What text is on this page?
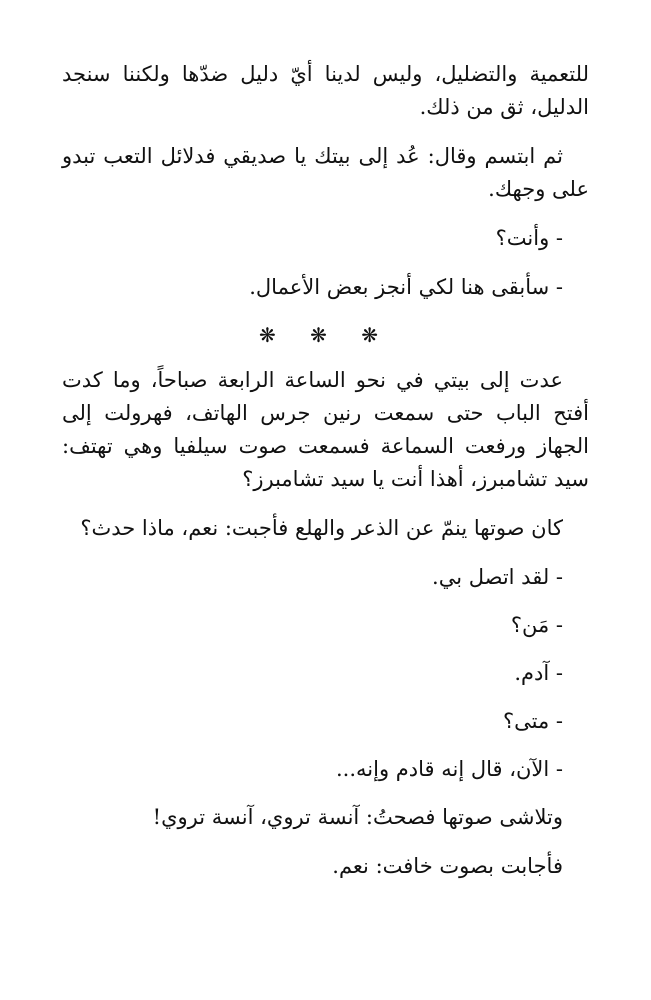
للتعمية والتضليل، وليس لدينا أيّ دليل ضدّها ولكننا سنجد الدليل، ثق من ذلك.

ثم ابتسم وقال: عُد إلى بيتك يا صديقي فدلائل التعب تبدو على وجهك.

- وأنت؟

- سأبقى هنا لكي أنجز بعض الأعمال.

❋ ❋ ❋

عدت إلى بيتي في نحو الساعة الرابعة صباحاً، وما كدت أفتح الباب حتى سمعت رنين جرس الهاتف، فهرولت إلى الجهاز ورفعت السماعة فسمعت صوت سيلفيا وهي تهتف: سيد تشامبرز، أهذا أنت يا سيد تشامبرز؟

كان صوتها ينمّ عن الذعر والهلع فأجبت: نعم، ماذا حدث؟

- لقد اتصل بي.

- مَن؟

- آدم.

- متى؟

- الآن، قال إنه قادم وإنه...

وتلاشى صوتها فصحتُ: آنسة تروي، آنسة تروي!

فأجابت بصوت خافت: نعم.
